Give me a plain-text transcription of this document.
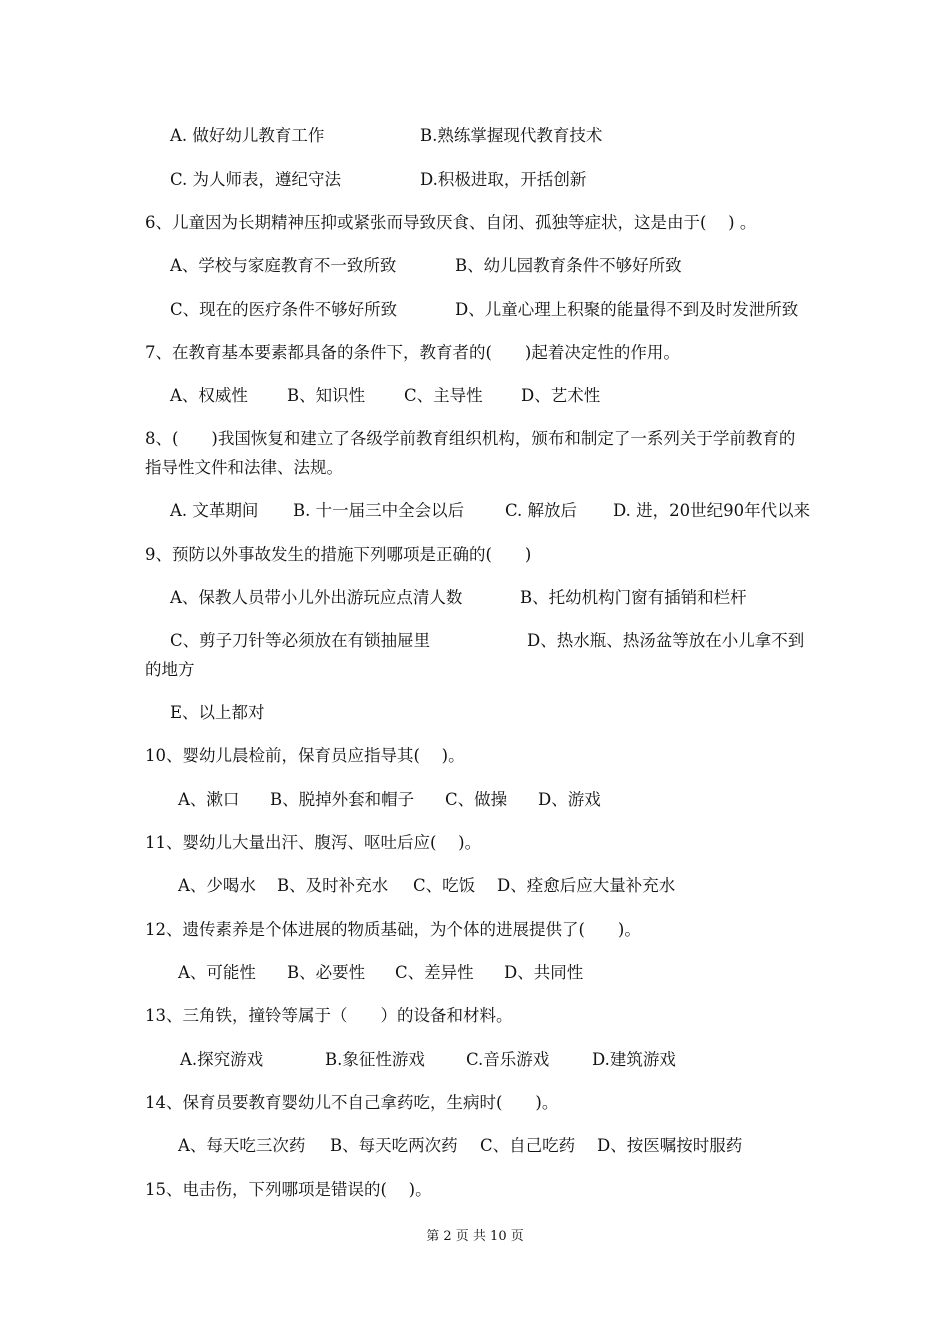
A. 做好幼儿教育工作	B.熟练掌握现代教育技术
C. 为人师表，遵纪守法	D.积极进取，开括创新
6、儿童因为长期精神压抑或紧张而导致厌食、自闭、孤独等症状，这是由于(　 ) 。
A、学校与家庭教育不一致所致	B、幼儿园教育条件不够好所致
C、现在的医疗条件不够好所致	D、儿童心理上积聚的能量得不到及时发泄所致
7、在教育基本要素都具备的条件下，教育者的(　　)起着决定性的作用。
A、权威性 B、知识性 C、主导性 D、艺术性
8、(　　)我国恢复和建立了各级学前教育组织机构，颁布和制定了一系列关于学前教育的
指导性文件和法律、法规。
A. 文革期间 B. 十一届三中全会以后 C. 解放后 D. 进，20世纪90年代以来
9、预防以外事故发生的措施下列哪项是正确的(　　)
A、保教人员带小儿外出游玩应点清人数	B、托幼机构门窗有插销和栏杆
C、剪子刀针等必须放在有锁抽屉里	D、热水瓶、热汤盆等放在小儿拿不到
的地方
E、以上都对
10、婴幼儿晨检前，保育员应指导其(　 )。
A、漱口 B、脱掉外套和帽子 C、做操 D、游戏
11、婴幼儿大量出汗、腹泻、呕吐后应(　 )。
A、少喝水 B、及时补充水 C、吃饭 D、痊愈后应大量补充水
12、遗传素养是个体进展的物质基础，为个体的进展提供了(　　)。
A、可能性 B、必要性 C、差异性 D、共同性
13、三角铁，撞铃等属于（　　）的设备和材料。
A.探究游戏	B.象征性游戏 C.音乐游戏	D.建筑游戏
14、保育员要教育婴幼儿不自己拿药吃，生病时(　　)。
A、每天吃三次药 B、每天吃两次药 C、自己吃药 D、按医嘱按时服药
15、电击伤，下列哪项是错误的(　 )。
第 2 页 共 10 页
